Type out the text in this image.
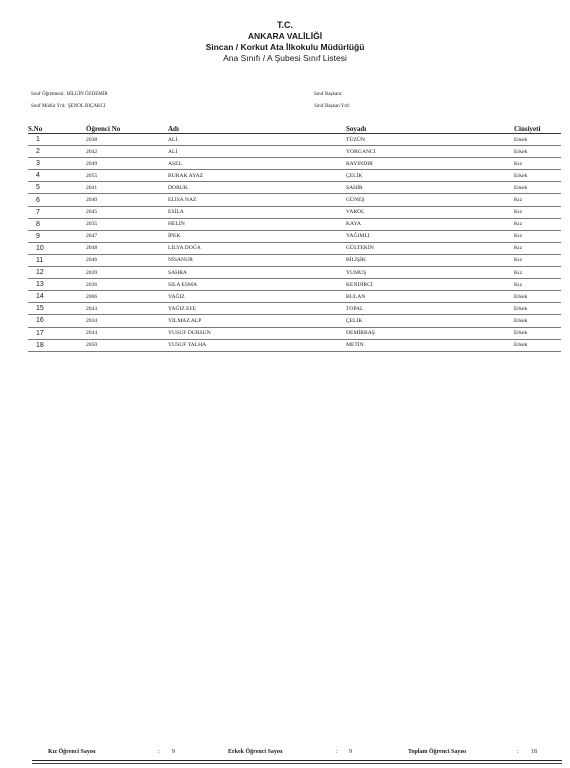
T.C.
ANKARA VALİLİĞİ
Sincan / Korkut Ata İlkokulu Müdürlüğü
Ana Sınıfı / A Şubesi Sınıf Listesi
Sınıf Öğretmeni: BİLGİN ÖZDEMİR
Sınıf Müdür Yrd: ŞENOL BIÇAKCI
Sınıf Başkanı:
Sınıf Başkan Yrd:
S.No	Öğrenci No	Adı	Soyadı	Cinsiyeti
1	2038	ALİ	TÜZÜN	Erkek
2	2042	ALİ	YORGANCI	Erkek
3	2049	ASEL	BAYINDIR	Kız
4	2055	BURAK AYAZ	ÇELİK	Erkek
5	2041	DORUK	SAHİR	Erkek
6	2040	ELİSA NAZ	GÜNEŞ	Kız
7	2045	ESİLA	VAROL	Kız
8	2035	HELİN	KAYA	Kız
9	2047	İPEK	YAĞIMLI	Kız
10	2048	LİLYA DOĞA	GÜLTEKİN	Kız
11	2046	NİSANUR	BİLİŞİK	Kız
12	2039	SAHRA	YUMUŞ	Kız
13	2036	SILA ESMA	KENDİRCİ	Kız
14	2006	YAĞIZ	BULAN	Erkek
15	2043	YAĞIZ EFE	TOPAL	Erkek
16	2034	YILMAZ ALP	ÇELİK	Erkek
17	2044	YUSUF DURSUN	DEMİRBAŞ	Erkek
18	2050	YUSUF TALHA	METİN	Erkek
Kız Öğrenci Sayısı	: 9	Erkek Öğrenci Sayısı	: 9	Toplam Öğrenci Sayısı	: 18
